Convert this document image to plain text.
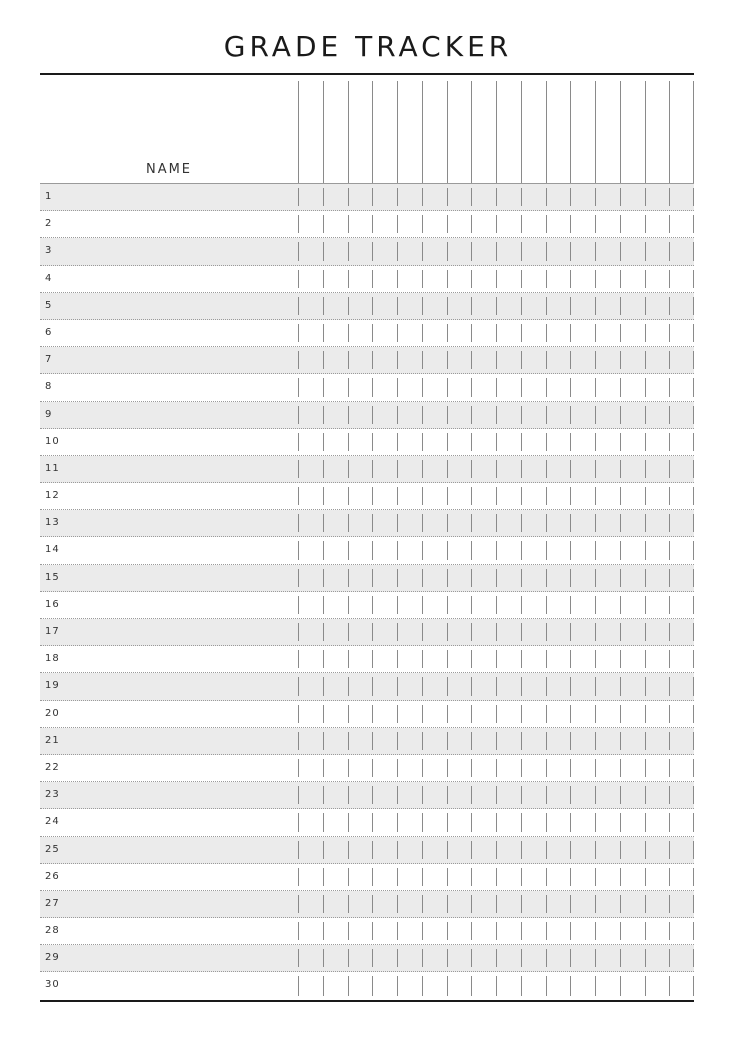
GRADE TRACKER
NAME
1
2
3
4
5
6
7
8
9
10
11
12
13
14
15
16
17
18
19
20
21
22
23
24
25
26
27
28
29
30
